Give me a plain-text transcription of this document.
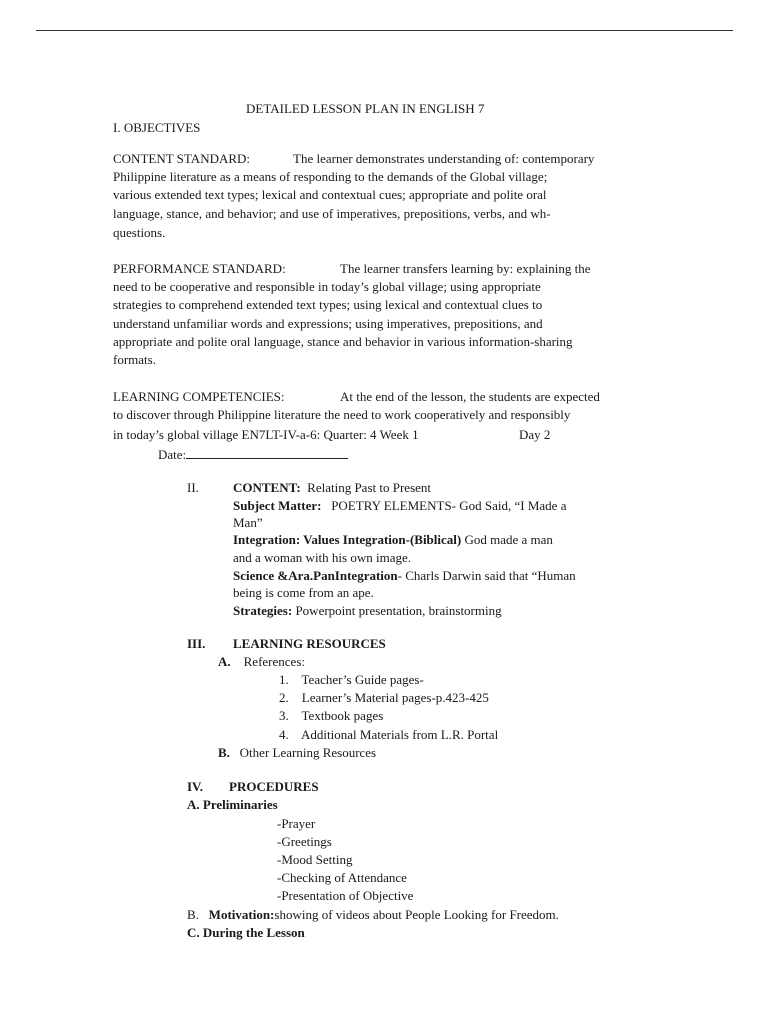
DETAILED LESSON PLAN IN ENGLISH 7
I. OBJECTIVES
CONTENT STANDARD:	The learner demonstrates understanding of: contemporary
Philippine literature as a means of responding to the demands of the Global village;
various extended text types; lexical and contextual cues; appropriate and polite oral
language, stance, and behavior; and use of imperatives, prepositions, verbs, and wh-
questions.
PERFORMANCE STANDARD:	The learner transfers learning by: explaining the
need to be cooperative and responsible in today’s global village; using appropriate
strategies to comprehend extended text types; using lexical and contextual clues to
understand unfamiliar words and expressions; using imperatives, prepositions, and
appropriate and polite oral language, stance and behavior in various information-sharing
formats.
LEARNING COMPETENCIES:	At the end of the lesson, the students are expected
to discover through Philippine literature the need to work cooperatively and responsibly
in today’s global village EN7LT-IV-a-6: Quarter: 4 Week 1	Day 2
Date:
II.	CONTENT: Relating Past to Present
Subject Matter: POETRY ELEMENTS- God Said, “I Made a
Man”
Integration: Values Integration-(Biblical) God made a man
and a woman with his own image.
Science &Ara.PanIntegration- Charls Darwin said that “Human
being is come from an ape.
Strategies: Powerpoint presentation, brainstorming
III. LEARNING RESOURCES
A. References:
1. Teacher’s Guide pages-
2. Learner’s Material pages-p.423-425
3. Textbook pages
4. Additional Materials from L.R. Portal
B. Other Learning Resources
IV. PROCEDURES
A. Preliminaries
-Prayer
-Greetings
-Mood Setting
-Checking of Attendance
-Presentation of Objective
B. Motivation:showing of videos about People Looking for Freedom.
C. During the Lesson
